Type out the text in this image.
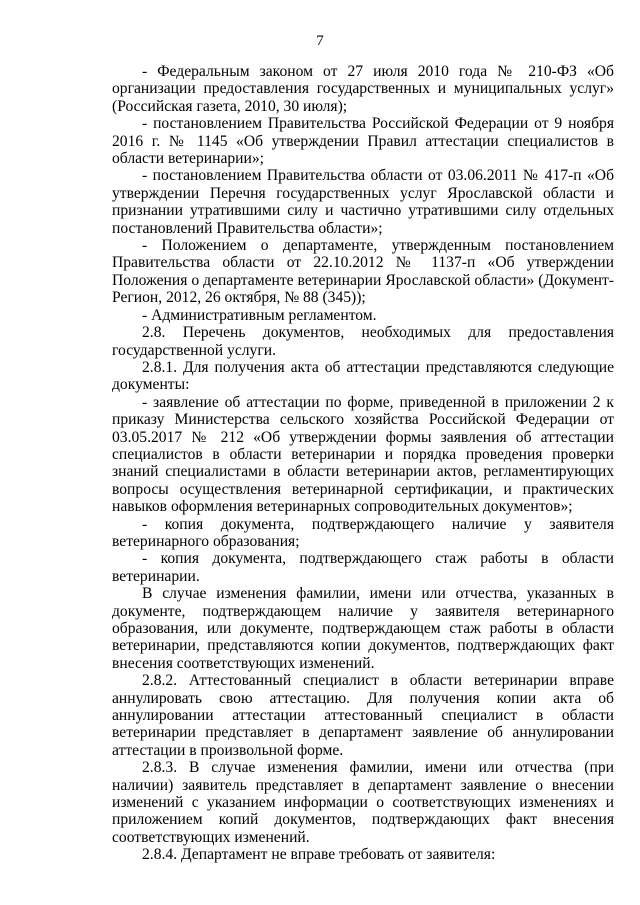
7

- Федеральным законом от 27 июля 2010 года № 210-ФЗ «Об организации предоставления государственных и муниципальных услуг» (Российская газета, 2010, 30 июля);

- постановлением Правительства Российской Федерации от 9 ноября 2016 г. № 1145 «Об утверждении Правил аттестации специалистов в области ветеринарии»;

- постановлением Правительства области от 03.06.2011 № 417-п «Об утверждении Перечня государственных услуг Ярославской области и признании утратившими силу и частично утратившими силу отдельных постановлений Правительства области»;

- Положением о департаменте, утвержденным постановлением Правительства области от 22.10.2012 № 1137-п «Об утверждении Положения о департаменте ветеринарии Ярославской области» (Документ-Регион, 2012, 26 октября, № 88 (345));

- Административным регламентом.

2.8. Перечень документов, необходимых для предоставления государственной услуги.

2.8.1. Для получения акта об аттестации представляются следующие документы:

- заявление об аттестации по форме, приведенной в приложении 2 к приказу Министерства сельского хозяйства Российской Федерации от 03.05.2017 № 212 «Об утверждении формы заявления об аттестации специалистов в области ветеринарии и порядка проведения проверки знаний специалистами в области ветеринарии актов, регламентирующих вопросы осуществления ветеринарной сертификации, и практических навыков оформления ветеринарных сопроводительных документов»;

- копия документа, подтверждающего наличие у заявителя ветеринарного образования;

- копия документа, подтверждающего стаж работы в области ветеринарии.

В случае изменения фамилии, имени или отчества, указанных в документе, подтверждающем наличие у заявителя ветеринарного образования, или документе, подтверждающем стаж работы в области ветеринарии, представляются копии документов, подтверждающих факт внесения соответствующих изменений.

2.8.2. Аттестованный специалист в области ветеринарии вправе аннулировать свою аттестацию. Для получения копии акта об аннулировании аттестации аттестованный специалист в области ветеринарии представляет в департамент заявление об аннулировании аттестации в произвольной форме.

2.8.3. В случае изменения фамилии, имени или отчества (при наличии) заявитель представляет в департамент заявление о внесении изменений с указанием информации о соответствующих изменениях и приложением копий документов, подтверждающих факт внесения соответствующих изменений.

2.8.4. Департамент не вправе требовать от заявителя:
